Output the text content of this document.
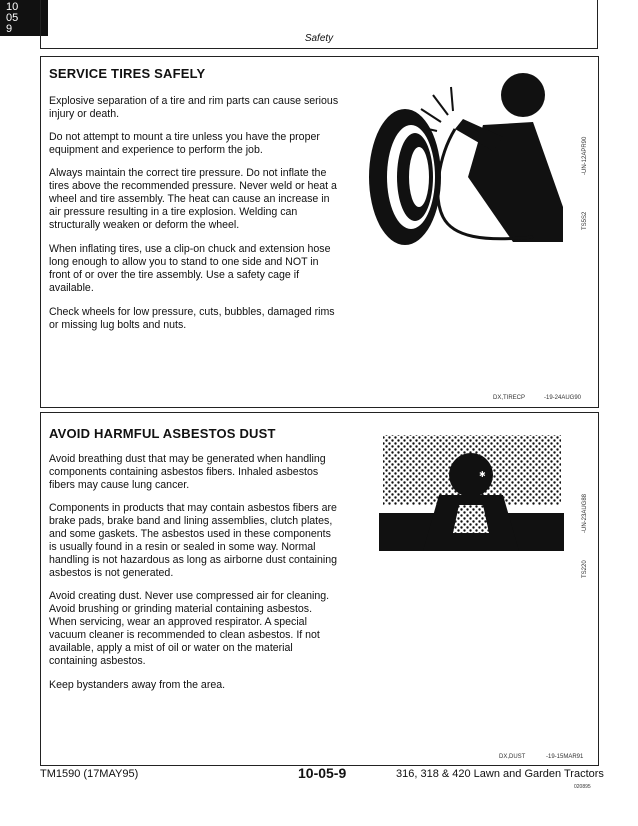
Safety
10
05
9
SERVICE TIRES SAFELY

Explosive separation of a tire and rim parts can cause serious injury or death.

Do not attempt to mount a tire unless you have the proper equipment and experience to perform the job.

Always maintain the correct tire pressure. Do not inflate the tires above the recommended pressure. Never weld or heat a wheel and tire assembly. The heat can cause an increase in air pressure resulting in a tire explosion. Welding can structurally weaken or deform the wheel.

When inflating tires, use a clip-on chuck and extension hose long enough to allow you to stand to one side and NOT in front of or over the tire assembly. Use a safety cage if available.

Check wheels for low pressure, cuts, bubbles, damaged rims or missing lug bolts and nuts.

TS5S2
-UN-12APR90
DX,TIRECP	-19-24AUG90
AVOID HARMFUL ASBESTOS DUST

Avoid breathing dust that may be generated when handling components containing asbestos fibers. Inhaled asbestos fibers may cause lung cancer.

Components in products that may contain asbestos fibers are brake pads, brake band and lining assemblies, clutch plates, and some gaskets. The asbestos used in these components is usually found in a resin or sealed in some way. Normal handling is not hazardous as long as airborne dust containing asbestos is not generated.

Avoid creating dust. Never use compressed air for cleaning. Avoid brushing or grinding material containing asbestos. When servicing, wear an approved respirator. A special vacuum cleaner is recommended to clean asbestos. If not available, apply a mist of oil or water on the material containing asbestos.

Keep bystanders away from the area.

✱
TS220
-UN-23AUG88
DX,DUST	-19-15MAR91
TM1590 (17MAY95)	10-05-9	316, 318 & 420 Lawn and Garden Tractors
020895
